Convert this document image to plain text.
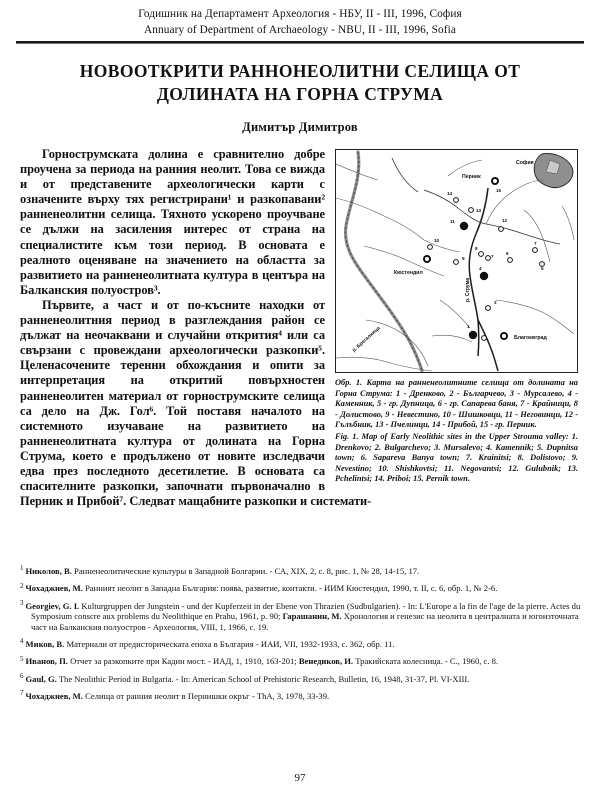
Годишник на Департамент Археология - НБУ, II - III, 1996, София
Annuary of Department of Archaeology - NBU, II - III, 1996, Sofia
НОВООТКРИТИ РАННОНЕОЛИТНИ СЕЛИЩА ОТ
ДОЛИНАТА НА ГОРНА СТРУМА
Димитър Димитров
15
Перник
София
14
13
11	12
10
Кюстендил
9
8
7
6
7
5
4
3
1
Благоевград
р. Струма
р. Брегалница
Обр. 1. Карта на ранненеолитните селища от долината на Горна Струма: 1 - Дренково, 2 - Българчево, 3 - Мурсалево, 4 - Каменник, 5 - гр. Дупница, 6 - гр. Сапарева баня, 7 - Крайници, 8 - Долистово, 9 - Невестино, 10 - Шишковци, 11 - Неговинци, 12 - Гълъбник, 13 - Пчелинци, 14 - Прибой, 15 - гр. Перник.
Fig. 1. Map of Early Neolithic sites in the Upper Strouma valley: 1. Drenkovo; 2. Bulgarchevo; 3. Mursalevo; 4. Kamennik; 5. Dupnitsa town; 6. Sapareva Banya town; 7. Krainitsi; 8. Dolistovo; 9. Nevestino; 10. Shishkovtsi; 11. Negovantsi; 12. Gulubnik; 13. Pchelintsi; 14. Priboi; 15. Pernik town.

Горнострумската долина е сравнително добре проучена за периода на ранния неолит. Това се вижда и от представените археологически карти с означените върху тях регистрирани¹ и разкопавани² ранненеолитни селища. Тяхното ускорено проучване се дължи на засиления интерес от страна на специалистите към този период. В основата е реалното оценяване на значението на областта за развитието на ранненеолитната култура в центъра на Балканския полуостров³.

Първите, а част и от по-късните находки от ранненеолитния период в разглеждания район се дължат на неочаквани и случайни открития⁴ или са свързани с провеждани археологически разкопки⁵. Целенасочените теренни обхождания и опити за интерпретация на откритий повърхностен ранненеолитен материал от горнострумските селища са дело на Дж. Гол⁶. Той поставя началото на системното изучаване на развитието на ранненеолитната култура от долината на Горна Струма, което е продължено от новите изследвачи едва през последното десетилетие. В основата са спасителните разкопки, започнати първоначално в Перник и Прибой⁷. Следват мащабните разкопки и системати-

$^1$ Николов, В. Ранненеолитические культуры в Западной Болгарии. - СА, XIX, 2, с. 8, рис. 1, № 28, 14-15, 17.
$^2$ Чохаджиев, М. Ранният неолит в Западна България: поява, развитие, контакти. - ИИМ Кюстендил, 1990, т. II, с. 6, обр. 1, № 2-6.
$^3$ Georgiev, G. I. Kulturgruppen der Jungstein - und der Kupferzeit in der Ebene von Thrazien (Sudbulgarien). - In: L'Europe a la fin de l'age de la pierre. Actes du Symposium conscre aux problems du Neolithique en Prahu, 1961, p. 90; Гарашанин, М. Хронология и генезис на неолита в централната и югоизточната част на Балканския полуостров - Археология, VIII, 1, 1966, с. 19.
$^4$ Миков, В. Материали от предисторическата епоха в България - ИАИ, VII, 1932-1933, с. 362, обр. 11.
$^5$ Иванов, П. Отчет за разкопките при Кадин мост. - ИАД, 1, 1910, 163-201; Венедиков, И. Тракийската колесница. - С., 1960, с. 8.
$^6$ Gaul, G. The Neolithic Period in Bulgaria. - In: American School of Prehistoric Research, Bulletin, 16, 1948, 31-37, Pl. VI-XIII.
$^7$ Чохаджиев, М. Селища от ранния неолит в Пернишки окръг - ThA, 3, 1978, 33-39.
97
